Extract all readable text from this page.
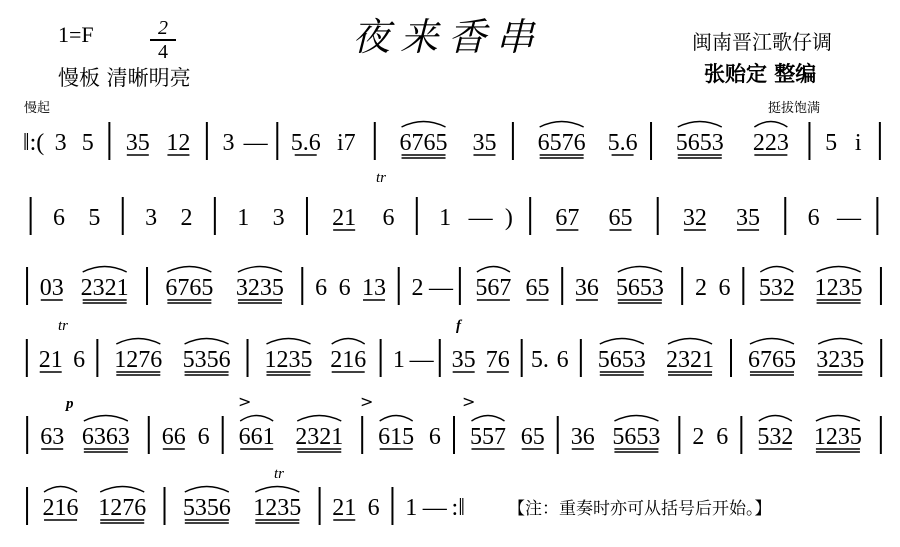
1=F	2
4
慢板 清晰明亮
夜来香串	闽南晋江歌仔调
张贻定 整编
慢起	挺拔饱满
tr
tr
tr
f
p	>	>	>
‖:( 3 5 35 12 3 — 5.6 i7 6765 35 6576 5.6 5653 223 5 i
6 5 3 2 1 3 21 6 1 — ) 67 65 32 35 6 —
03 2321 6765 3235 6 6 13 2 — 567 65 36 5653 2 6 532 1235
21 6 1276 5356 1235 216 1 — 35 76 5. 6 5653 2321 6765 3235
63 6363 66 6 661 2321 615 6 557 65 36 5653 2 6 532 1235
216 1276 5356 1235 21 6 1 — :‖	【注：重奏时亦可从括号后开始。】
